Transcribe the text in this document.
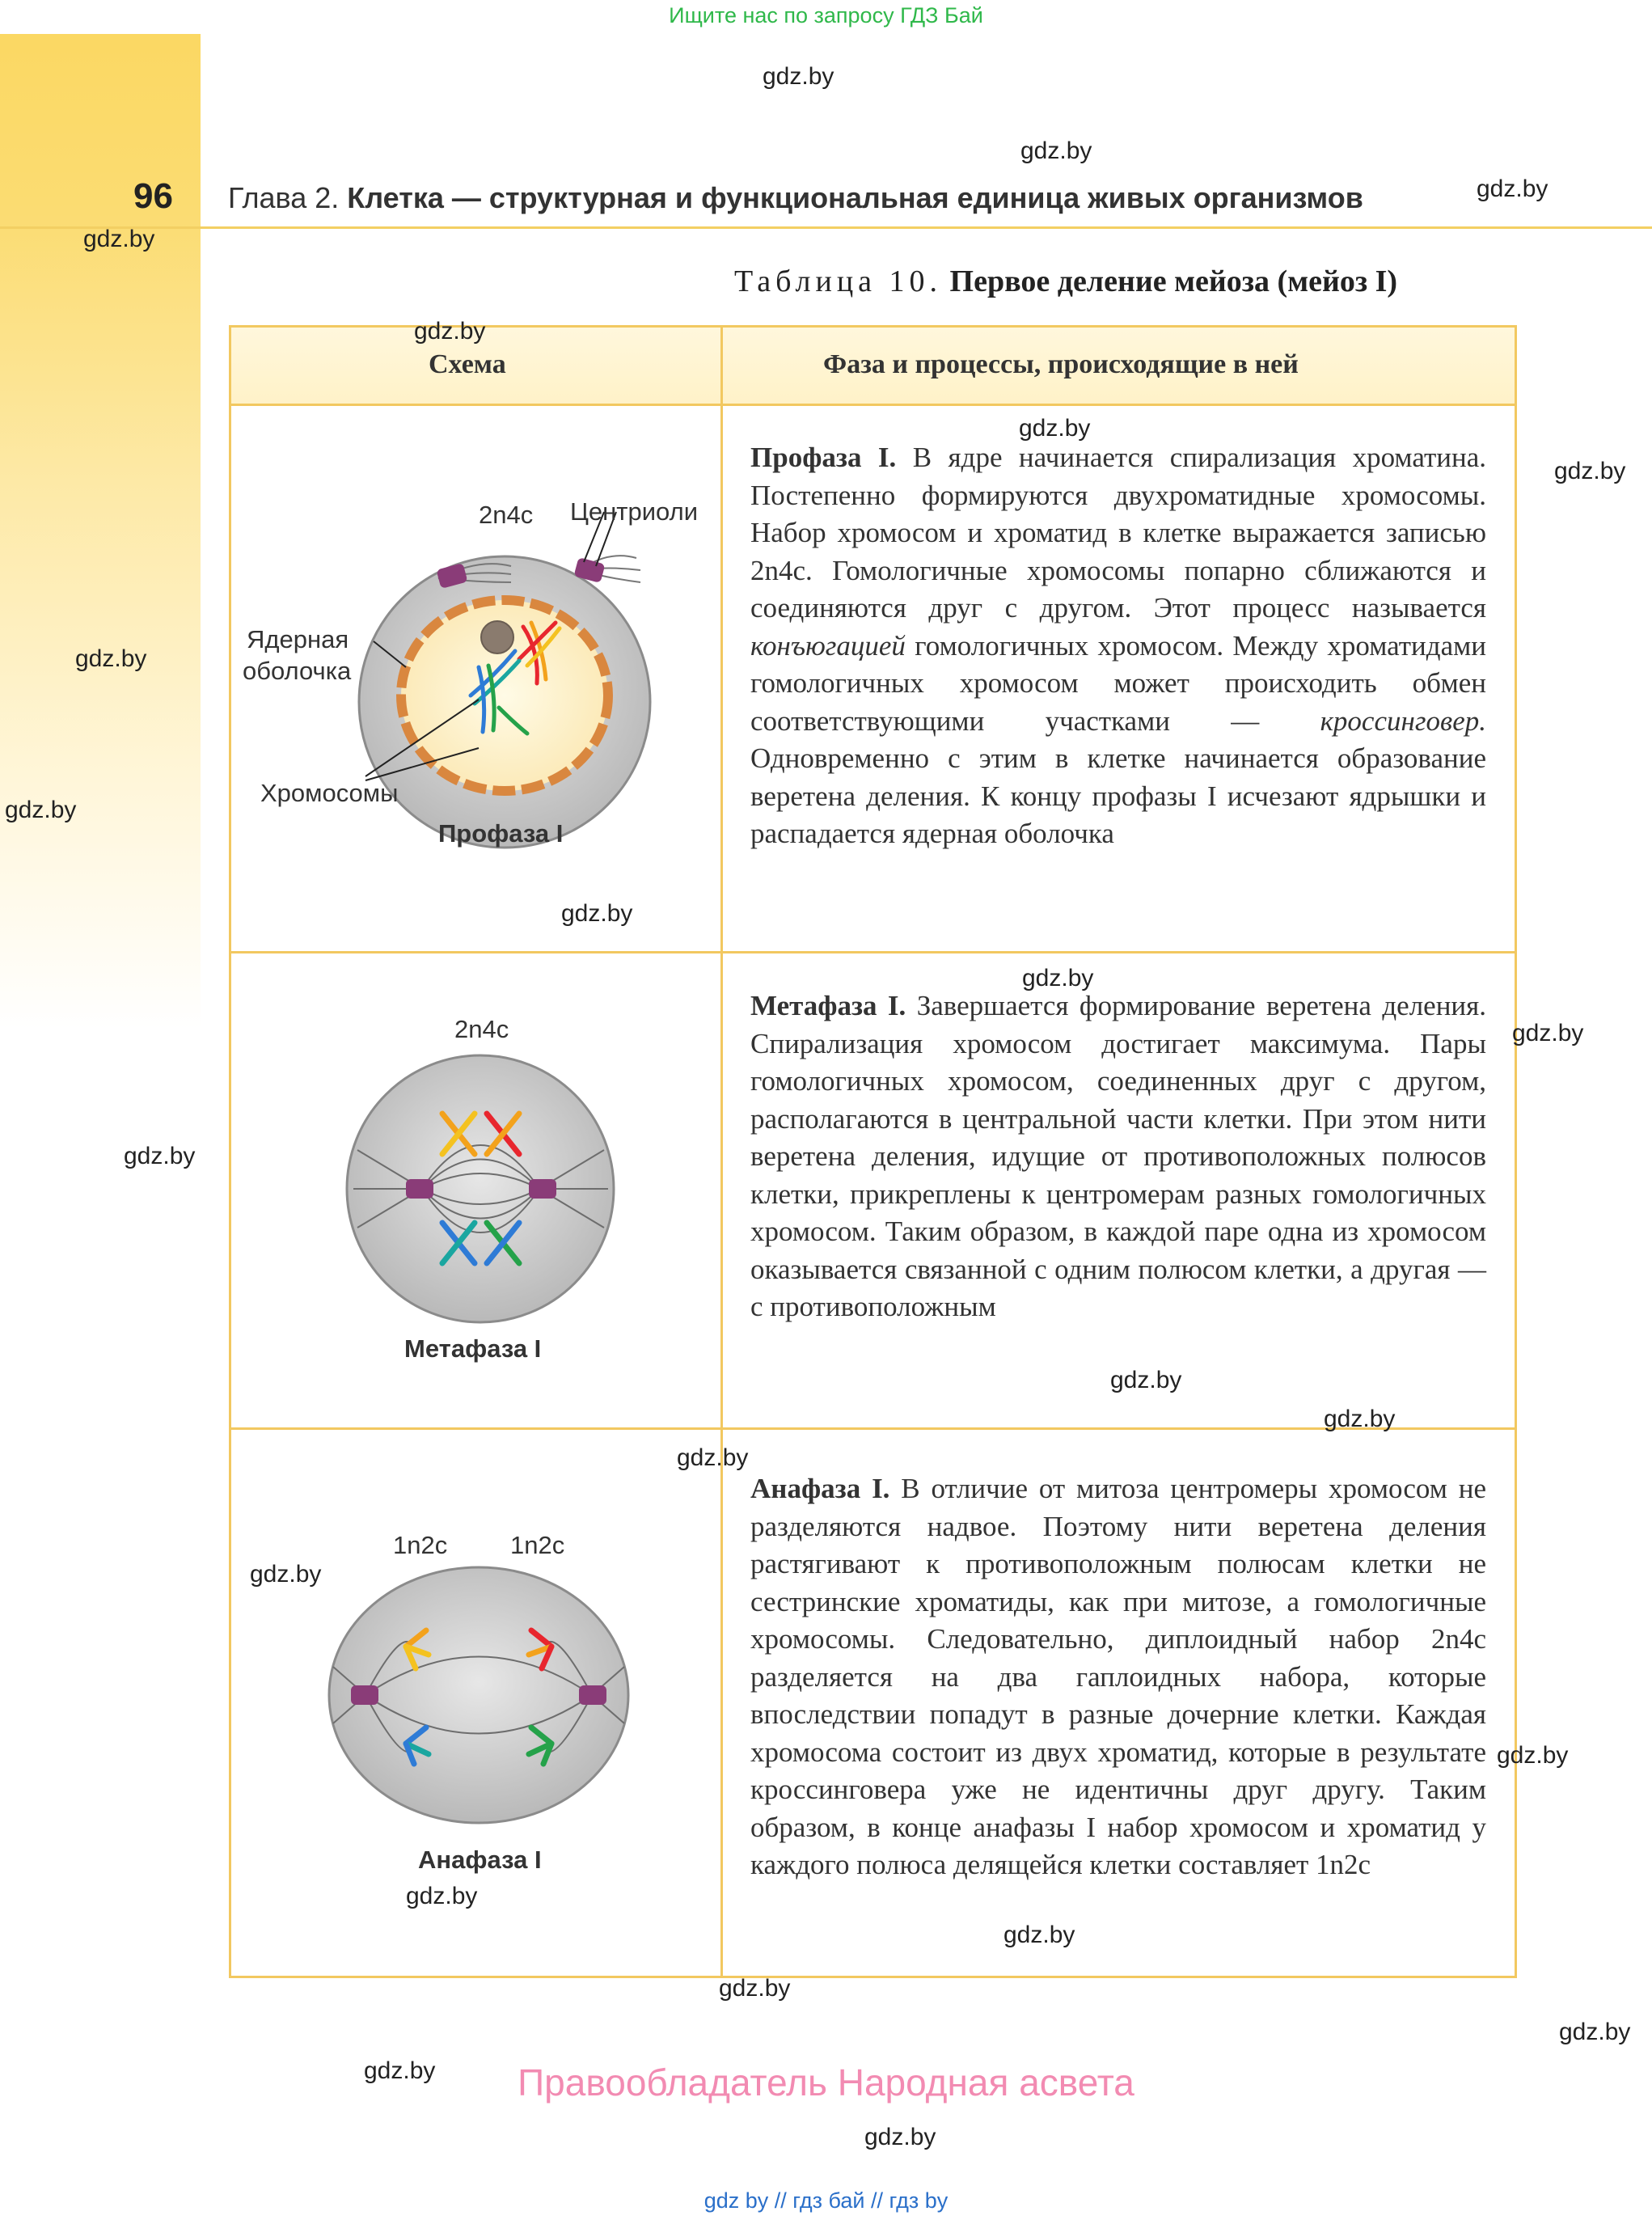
Ищите нас по запросу ГДЗ Бай
96 Глава 2. Клетка — структурная и функциональная единица живых организмов
Таблица 10. Первое деление мейоза (мейоз I)
Схема	Фаза и процессы, происходящие в ней
2n4c Центриоли
Ядерная
оболочка
Хромосомы
Профаза I

Профаза I. В ядре начинается спирализация хроматина. Постепенно формируются двухроматидные хромосомы. Набор хромосом и хроматид в клетке выражается записью 2n4c. Гомологичные хромосомы попарно сближаются и соединяются друг с другом. Этот процесс называется конъюгацией гомологичных хромосом. Между хроматидами гомологичных хромосом может происходить обмен соответствующими участками — кроссинговер. Одновременно с этим в клетке начинается образование веретена деления. К концу профазы I исчезают ядрышки и распадается ядерная оболочка

2n4c
Метафаза I

Метафаза I. Завершается формирование веретена деления. Спирализация хромосом достигает максимума. Пары гомологичных хромосом, соединенных друг с другом, располагаются в центральной части клетки. При этом нити веретена деления, идущие от противоположных полюсов клетки, прикреплены к центромерам разных гомологичных хромосом. Таким образом, в каждой паре одна из хромосом оказывается связанной с одним полюсом клетки, а другая — с противоположным

1n2c	1n2c
Анафаза I

Анафаза I. В отличие от митоза центромеры хромосом не разделяются надвое. Поэтому нити веретена деления растягивают к противоположным полюсам клетки не сестринские хроматиды, как при митозе, а гомологичные хромосомы. Следовательно, диплоидный набор 2n4c разделяется на два гаплоидных набора, которые впоследствии попадут в разные дочерние клетки. Каждая хромосома состоит из двух хроматид, которые в результате кроссинговера уже не идентичны друг другу. Таким образом, в конце анафазы I набор хромосом и хроматид у каждого полюса делящейся клетки составляет 1n2c

gdz.by
gdz.by
gdz.by
gdz.by
gdz.by
gdz.by
gdz.by
gdz.by
gdz.by
gdz.by
gdz.by
gdz.by
gdz.by
gdz.by
gdz.by
gdz.by
gdz.by
gdz.by
gdz.by
gdz.by
gdz.by
gdz.by
gdz.by
gdz.by
Правообладатель Народная асвета
gdz by // гдз бай // гдз by
